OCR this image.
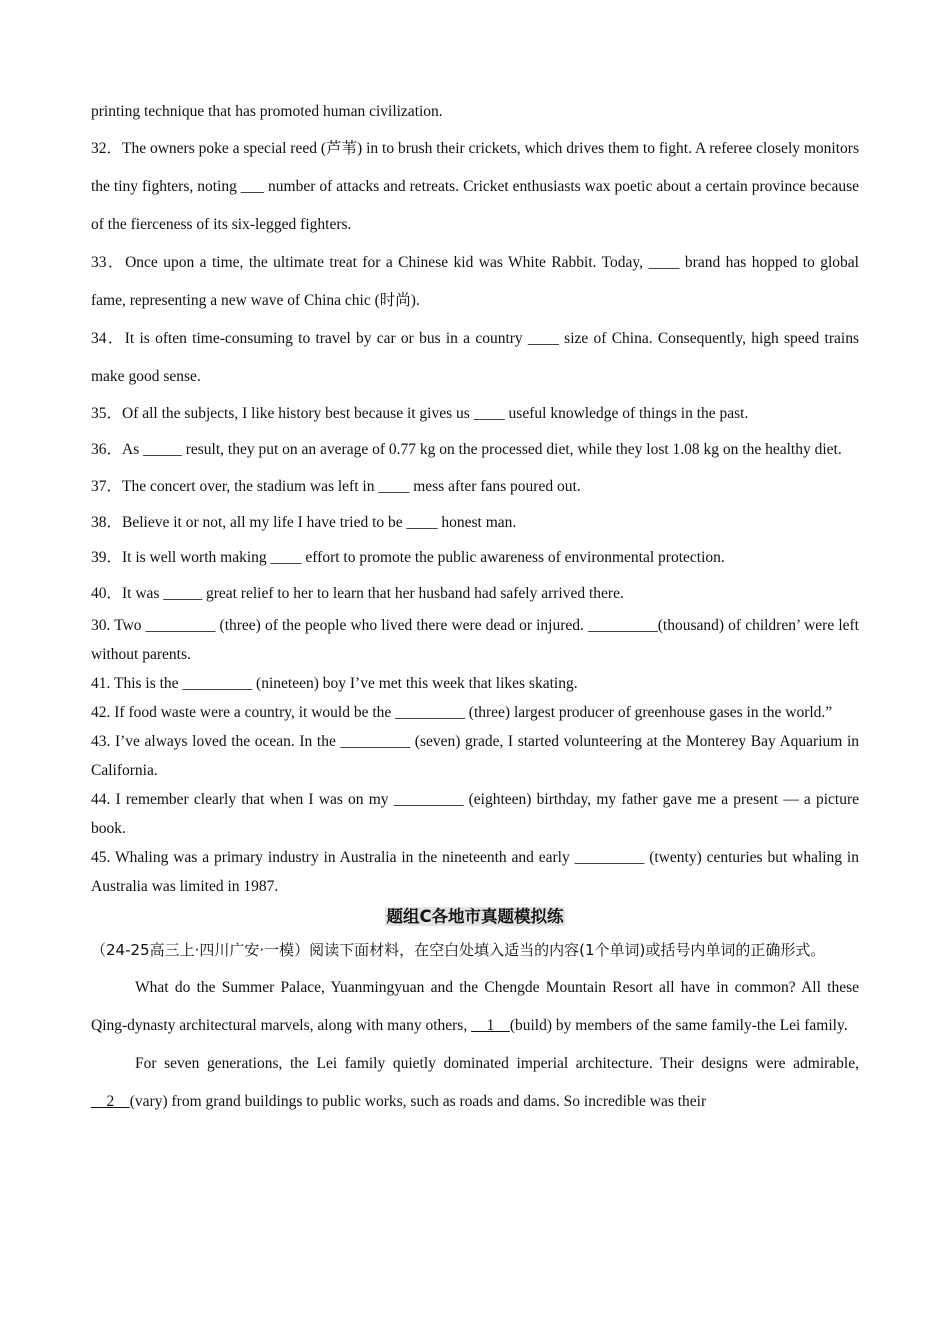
printing technique that has promoted human civilization.

32．The owners poke a special reed (芦苇) in to brush their crickets, which drives them to fight. A referee closely monitors the tiny fighters, noting ___ number of attacks and retreats. Cricket enthusiasts wax poetic about a certain province because of the fierceness of its six-legged fighters.

33．Once upon a time, the ultimate treat for a Chinese kid was White Rabbit. Today, ____ brand has hopped to global fame, representing a new wave of China chic (时尚).

34．It is often time-consuming to travel by car or bus in a country ____ size of China. Consequently, high speed trains make good sense.

35．Of all the subjects, I like history best because it gives us ____ useful knowledge of things in the past.

36．As _____ result, they put on an average of 0.77 kg on the processed diet, while they lost 1.08 kg on the healthy diet.

37．The concert over, the stadium was left in ____ mess after fans poured out.

38．Believe it or not, all my life I have tried to be ____ honest man.

39．It is well worth making ____ effort to promote the public awareness of environmental protection.

40．It was _____ great relief to her to learn that her husband had safely arrived there.

30. Two _________ (three) of the people who lived there were dead or injured. _________(thousand) of children’ were left without parents.

41. This is the _________ (nineteen) boy I’ve met this week that likes skating.

42. If food waste were a country, it would be the _________ (three) largest producer of greenhouse gases in the world.”

43. I’ve always loved the ocean. In the _________ (seven) grade, I started volunteering at the Monterey Bay Aquarium in California.

44. I remember clearly that when I was on my _________ (eighteen) birthday, my father gave me a present — a picture book.

45. Whaling was a primary industry in Australia in the nineteenth and early _________ (twenty) centuries but whaling in Australia was limited in 1987.

题组C各地市真题模拟练

（24-25高三上·四川广安·一模）阅读下面材料，在空白处填入适当的内容(1个单词)或括号内单词的正确形式。

What do the Summer Palace, Yuanmingyuan and the Chengde Mountain Resort all have in common? All these Qing-dynasty architectural marvels, along with many others,     1    (build) by members of the same family-the Lei family.

For seven generations, the Lei family quietly dominated imperial architecture. Their designs were admirable,     2    (vary) from grand buildings to public works, such as roads and dams. So incredible was their
